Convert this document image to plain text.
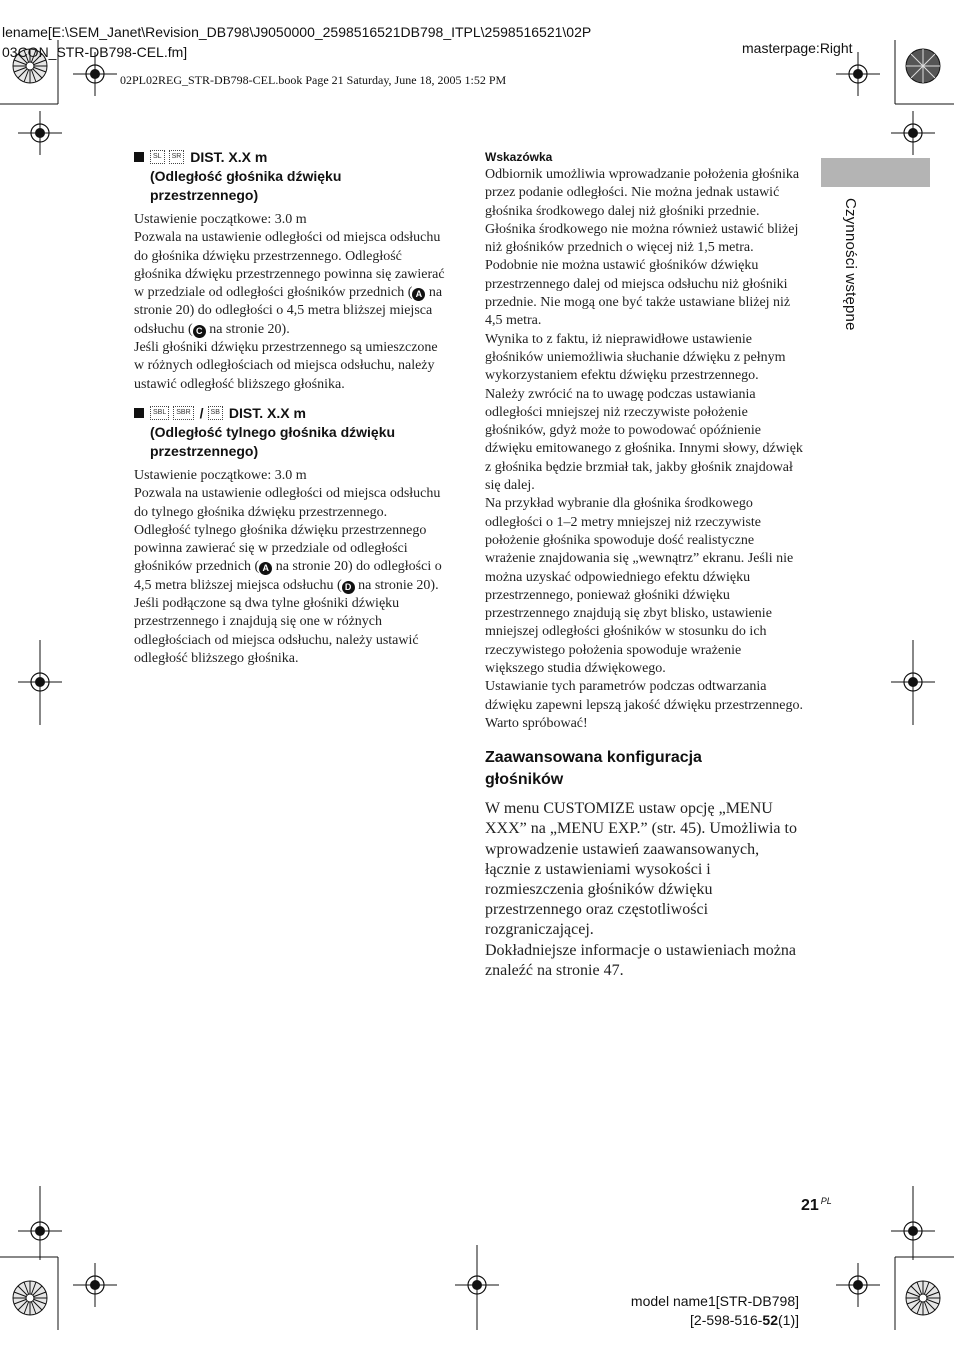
lename[E:\SEM_Janet\Revision_DB798\J9050000_2598516521DB798_ITPL\2598516521\02P
03CON_STR-DB798-CEL.fm]	masterpage:Right
02PL02REG_STR-DB798-CEL.book Page 21 Saturday, June 18, 2005 1:52 PM
Czynności wstępne
SL	SR DIST. X.X m
(Odległość głośnika dźwięku
przestrzennego)

Ustawienie początkowe: 3.0 m

Pozwala na ustawienie odległości od miejsca odsłuchu do głośnika dźwięku przestrzennego. Odległość głośnika dźwięku przestrzennego powinna się zawierać w przedziale od odległości głośników przednich ( A na stronie 20) do odległości o 4,5 metra bliższej miejsca odsłuchu ( C na stronie 20).

Jeśli głośniki dźwięku przestrzennego są umieszczone w różnych odległościach od miejsca odsłuchu, należy ustawić odległość bliższego głośnika.

SBL	SBR /	SB DIST. X.X m
(Odległość tylnego głośnika dźwięku
przestrzennego)

Ustawienie początkowe: 3.0 m

Pozwala na ustawienie odległości od miejsca odsłuchu do tylnego głośnika dźwięku przestrzennego. Odległość tylnego głośnika dźwięku przestrzennego powinna zawierać się w przedziale od odległości głośników przednich ( A na stronie 20) do odległości o 4,5 metra bliższej miejsca odsłuchu ( D na stronie 20).

Jeśli podłączone są dwa tylne głośniki dźwięku przestrzennego i znajdują się one w różnych odległościach od miejsca odsłuchu, należy ustawić odległość bliższego głośnika.

Wskazówka

Odbiornik umożliwia wprowadzanie położenia głośnika przez podanie odległości. Nie można jednak ustawić głośnika środkowego dalej niż głośniki przednie. Głośnika środkowego nie można również ustawić bliżej niż głośników przednich o więcej niż 1,5 metra.

Podobnie nie można ustawić głośników dźwięku przestrzennego dalej od miejsca odsłuchu niż głośniki przednie. Nie mogą one być także ustawiane bliżej niż 4,5 metra.

Wynika to z faktu, iż nieprawidłowe ustawienie głośników uniemożliwia słuchanie dźwięku z pełnym wykorzystaniem efektu dźwięku przestrzennego.

Należy zwrócić na to uwagę podczas ustawiania odległości mniejszej niż rzeczywiste położenie głośników, gdyż może to powodować opóźnienie dźwięku emitowanego z głośnika. Innymi słowy, dźwięk z głośnika będzie brzmiał tak, jakby głośnik znajdował się dalej.

Na przykład wybranie dla głośnika środkowego odległości o 1–2 metry mniejszej niż rzeczywiste położenie głośnika spowoduje dość realistyczne wrażenie znajdowania się „wewnątrz” ekranu. Jeśli nie można uzyskać odpowiedniego efektu dźwięku przestrzennego, ponieważ głośniki dźwięku przestrzennego znajdują się zbyt blisko, ustawienie mniejszej odległości głośników w stosunku do ich rzeczywistego położenia spowoduje wrażenie większego studia dźwiękowego.

Ustawianie tych parametrów podczas odtwarzania dźwięku zapewni lepszą jakość dźwięku przestrzennego. Warto spróbować!

Zaawansowana konfiguracja
głośników

W menu CUSTOMIZE ustaw opcję „MENU XXX” na „MENU EXP.” (str. 45). Umożliwia to wprowadzenie ustawień zaawansowanych, łącznie z ustawieniami wysokości i rozmieszczenia głośników dźwięku przestrzennego oraz częstotliwości rozgraniczającej.

Dokładniejsze informacje o ustawieniach można znaleźć na stronie 47.

21 $^{PL}$
model name1[STR-DB798]
[2-598-516-52(1)]
